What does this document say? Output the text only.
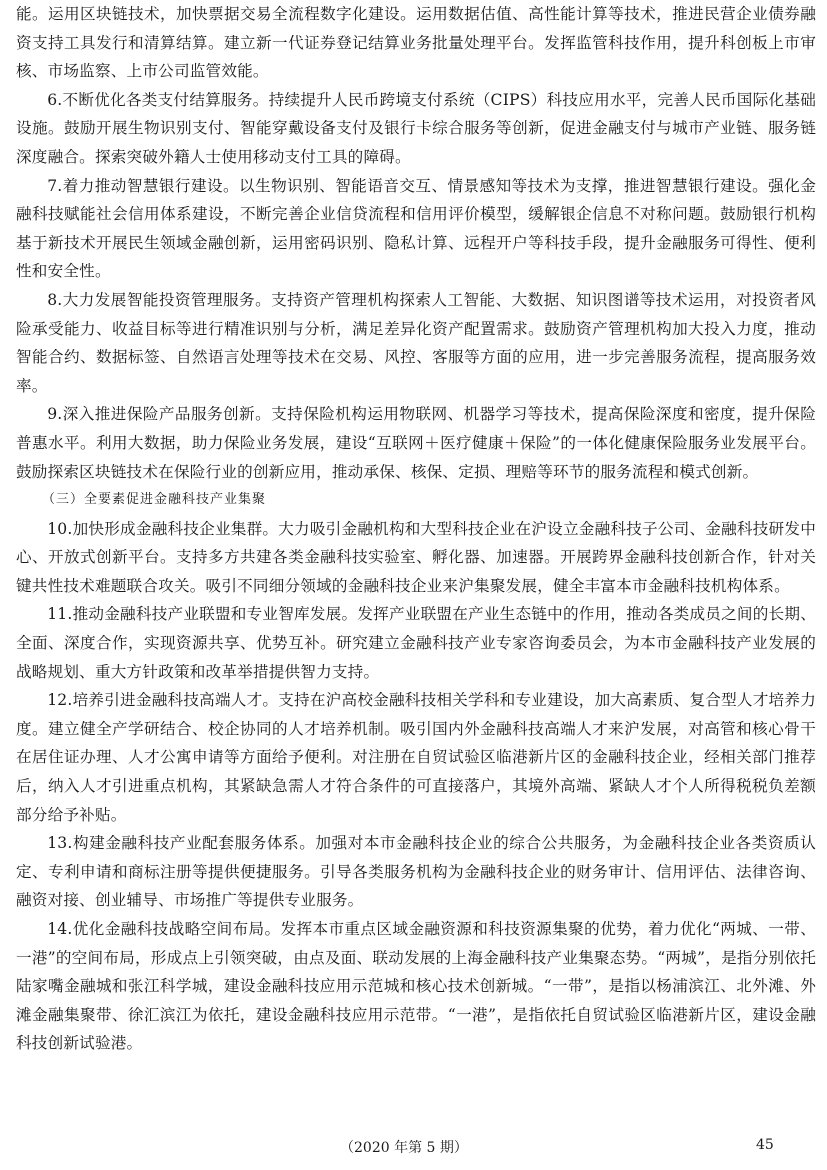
能。运用区块链技术，加快票据交易全流程数字化建设。运用数据估值、高性能计算等技术，推进民营企业债券融资支持工具发行和清算结算。建立新一代证券登记结算业务批量处理平台。发挥监管科技作用，提升科创板上市审核、市场监察、上市公司监管效能。

6.不断优化各类支付结算服务。持续提升人民币跨境支付系统（CIPS）科技应用水平，完善人民币国际化基础设施。鼓励开展生物识别支付、智能穿戴设备支付及银行卡综合服务等创新，促进金融支付与城市产业链、服务链深度融合。探索突破外籍人士使用移动支付工具的障碍。

7.着力推动智慧银行建设。以生物识别、智能语音交互、情景感知等技术为支撑，推进智慧银行建设。强化金融科技赋能社会信用体系建设，不断完善企业信贷流程和信用评价模型，缓解银企信息不对称问题。鼓励银行机构基于新技术开展民生领域金融创新，运用密码识别、隐私计算、远程开户等科技手段，提升金融服务可得性、便利性和安全性。

8.大力发展智能投资管理服务。支持资产管理机构探索人工智能、大数据、知识图谱等技术运用，对投资者风险承受能力、收益目标等进行精准识别与分析，满足差异化资产配置需求。鼓励资产管理机构加大投入力度，推动智能合约、数据标签、自然语言处理等技术在交易、风控、客服等方面的应用，进一步完善服务流程，提高服务效率。

9.深入推进保险产品服务创新。支持保险机构运用物联网、机器学习等技术，提高保险深度和密度，提升保险普惠水平。利用大数据，助力保险业务发展，建设“互联网＋医疗健康＋保险”的一体化健康保险服务业发展平台。鼓励探索区块链技术在保险行业的创新应用，推动承保、核保、定损、理赔等环节的服务流程和模式创新。

（三）全要素促进金融科技产业集聚

10.加快形成金融科技企业集群。大力吸引金融机构和大型科技企业在沪设立金融科技子公司、金融科技研发中心、开放式创新平台。支持多方共建各类金融科技实验室、孵化器、加速器。开展跨界金融科技创新合作，针对关键共性技术难题联合攻关。吸引不同细分领域的金融科技企业来沪集聚发展，健全丰富本市金融科技机构体系。

11.推动金融科技产业联盟和专业智库发展。发挥产业联盟在产业生态链中的作用，推动各类成员之间的长期、全面、深度合作，实现资源共享、优势互补。研究建立金融科技产业专家咨询委员会，为本市金融科技产业发展的战略规划、重大方针政策和改革举措提供智力支持。

12.培养引进金融科技高端人才。支持在沪高校金融科技相关学科和专业建设，加大高素质、复合型人才培养力度。建立健全产学研结合、校企协同的人才培养机制。吸引国内外金融科技高端人才来沪发展，对高管和核心骨干在居住证办理、人才公寓申请等方面给予便利。对注册在自贸试验区临港新片区的金融科技企业，经相关部门推荐后，纳入人才引进重点机构，其紧缺急需人才符合条件的可直接落户，其境外高端、紧缺人才个人所得税税负差额部分给予补贴。

13.构建金融科技产业配套服务体系。加强对本市金融科技企业的综合公共服务，为金融科技企业各类资质认定、专利申请和商标注册等提供便捷服务。引导各类服务机构为金融科技企业的财务审计、信用评估、法律咨询、融资对接、创业辅导、市场推广等提供专业服务。

14.优化金融科技战略空间布局。发挥本市重点区域金融资源和科技资源集聚的优势，着力优化“两城、一带、一港”的空间布局，形成点上引领突破，由点及面、联动发展的上海金融科技产业集聚态势。“两城”，是指分别依托陆家嘴金融城和张江科学城，建设金融科技应用示范城和核心技术创新城。“一带”，是指以杨浦滨江、北外滩、外滩金融集聚带、徐汇滨江为依托，建设金融科技应用示范带。“一港”，是指依托自贸试验区临港新片区，建设金融科技创新试验港。

（2020 年第 5 期）	45
